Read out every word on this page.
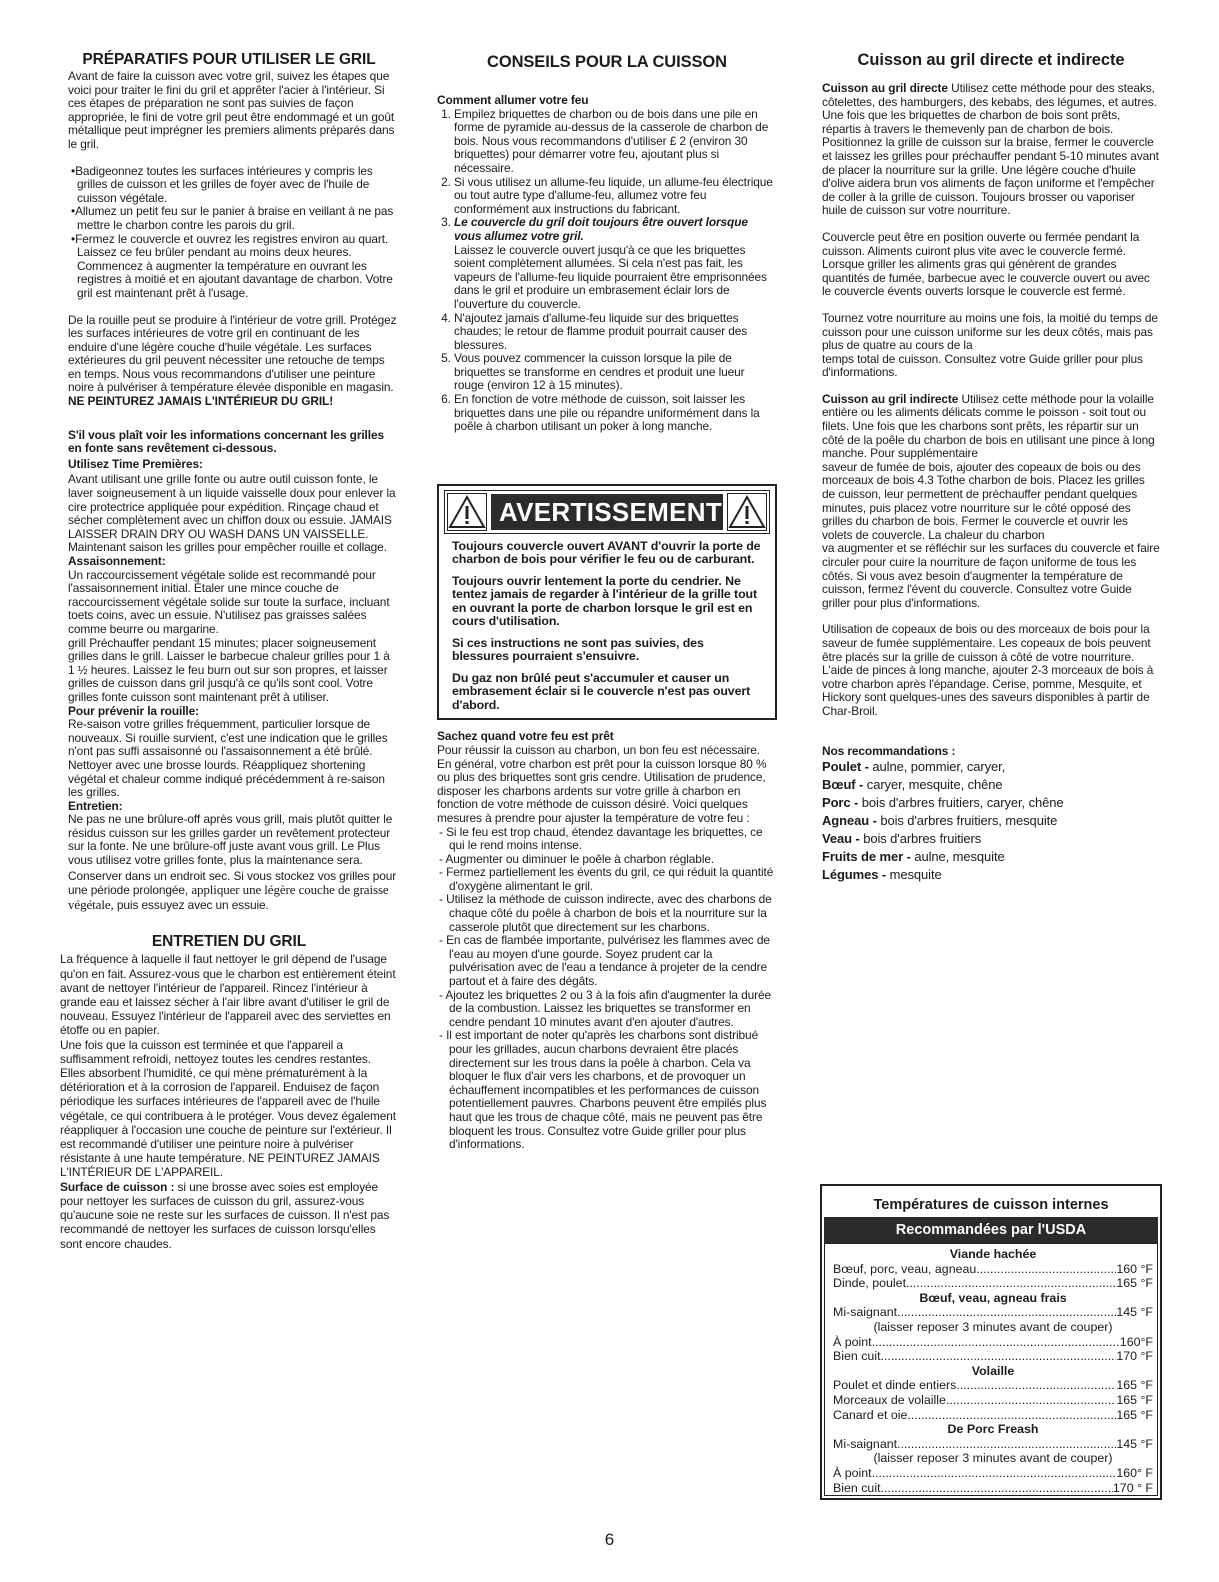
PRÉPARATIFS POUR UTILISER LE GRIL

Avant de faire la cuisson avec votre gril, suivez les étapes que voici pour traiter le fini du gril et apprêter l'acier à l'intérieur. Si ces étapes de préparation ne sont pas suivies de façon appropriée, le fini de votre gril peut être endommagé et un goût métallique peut imprégner les premiers aliments préparés dans le gril.

•Badigeonnez toutes les surfaces intérieures y compris les grilles de cuisson et les grilles de foyer avec de l'huile de cuisson végétale.

•Allumez un petit feu sur le panier à braise en veillant à ne pas mettre le charbon contre les parois du gril.

•Fermez le couvercle et ouvrez les registres environ au quart. Laissez ce feu brûler pendant au moins deux heures. Commencez à augmenter la température en ouvrant les registres à moitié et en ajoutant davantage de charbon. Votre gril est maintenant prêt à l'usage.

De la rouille peut se produire à l'intérieur de votre grill. Protégez les surfaces intérieures de votre gril en continuant de les enduire d'une légère couche d'huile végétale. Les surfaces extérieures du gril peuvent nécessiter une retouche de temps en temps. Nous vous recommandons d'utiliser une peinture noire à pulvériser à température élevée disponible en magasin. NE PEINTUREZ JAMAIS L'INTÉRIEUR DU GRIL!

S'il vous plaît voir les informations concernant les grilles en fonte sans revêtement ci-dessous.

Utilisez Time Premières:

Avant utilisant une grille fonte ou autre outil cuisson fonte, le laver soigneusement à un liquide vaisselle doux pour enlever la cire protectrice appliquée pour expédition. Rinçage chaud et sécher complètement avec un chiffon doux ou essuie. JAMAIS LAISSER DRAIN DRY OU WASH DANS UN VAISSELLE. Maintenant saison les grilles pour empêcher rouille et collage.

Assaisonnement:

Un raccourcissement végétale solide est recommandé pour l'assaisonnement initial. Étaler une mince couche de raccourcissement végétale solide sur toute la surface, incluant toets coins, avec un essuie. N'utilisez pas graisses salées comme beurre ou margarine.

grill Préchauffer pendant 15 minutes; placer soigneusement grilles dans le grill. Laisser le barbecue chaleur grilles pour 1 à 1 ½ heures. Laissez le feu burn out sur son propres, et laisser grilles de cuisson dans gril jusqu'à ce qu'ils sont cool. Votre grilles fonte cuisson sont maintenant prêt à utiliser.

Pour prévenir la rouille:

Re-saison votre grilles fréquemment, particulier lorsque de nouveaux. Si rouille survient, c'est une indication que le grilles n'ont pas suffi assaisonné ou l'assaisonnement a été brûlé. Nettoyer avec une brosse lourds. Réappliquez shortening végétal et chaleur comme indiqué précédemment à re-saison les grilles.

Entretien:

Ne pas ne une brûlure-off après vous grill, mais plutôt quitter le résidus cuisson sur les grilles garder un revêtement protecteur sur la fonte. Ne une brûlure-off juste avant vous grill. Le Plus vous utilisez votre grilles fonte, plus la maintenance sera.

Conserver dans un endroit sec. Si vous stockez vos grilles pour une période prolongée, appliquer une légère couche de graisse végétale, puis essuyez avec un essuie.

ENTRETIEN DU GRIL

La fréquence à laquelle il faut nettoyer le gril dépend de l'usage qu'on en fait. Assurez-vous que le charbon est entièrement éteint avant de nettoyer l'intérieur de l'appareil. Rincez l'intérieur à grande eau et laissez sécher à l'air libre avant d'utiliser le gril de nouveau. Essuyez l'intérieur de l'appareil avec des serviettes en étoffe ou en papier.

Une fois que la cuisson est terminée et que l'appareil a suffisamment refroidi, nettoyez toutes les cendres restantes. Elles absorbent l'humidité, ce qui mène prématurément à la détérioration et à la corrosion de l'appareil. Enduisez de façon périodique les surfaces intérieures de l'appareil avec de l'huile végétale, ce qui contribuera à le protéger. Vous devez également réappliquer à l'occasion une couche de peinture sur l'extérieur. Il est recommandé d'utiliser une peinture noire à pulvériser résistante à une haute température. NE PEINTUREZ JAMAIS L'INTÉRIEUR DE L'APPAREIL.

Surface de cuisson : si une brosse avec soies est employée pour nettoyer les surfaces de cuisson du gril, assurez-vous qu'aucune soie ne reste sur les surfaces de cuisson. Il n'est pas recommandé de nettoyer les surfaces de cuisson lorsqu'elles sont encore chaudes.

CONSEILS POUR LA CUISSON

Comment allumer votre feu

1. Empilez briquettes de charbon ou de bois dans une pile en forme de pyramide au-dessus de la casserole de charbon de bois. Nous vous recommandons d'utiliser £ 2 (environ 30 briquettes) pour démarrer votre feu, ajoutant plus si nécessaire.
2. Si vous utilisez un allume-feu liquide, un allume-feu électrique ou tout autre type d'allume-feu, allumez votre feu conformément aux instructions du fabricant.
3. Le couvercle du gril doit toujours être ouvert lorsque vous allumez votre gril.
Laissez le couvercle ouvert jusqu'à ce que les briquettes soient complètement allumées. Si cela n'est pas fait, les vapeurs de l'allume-feu liquide pourraient être emprisonnées dans le gril et produire un embrasement éclair lors de l'ouverture du couvercle.
4. N'ajoutez jamais d'allume-feu liquide sur des briquettes chaudes; le retour de flamme produit pourrait causer des blessures.
5. Vous pouvez commencer la cuisson lorsque la pile de briquettes se transforme en cendres et produit une lueur rouge (environ 12 à 15 minutes).
6. En fonction de votre méthode de cuisson, soit laisser les briquettes dans une pile ou répandre uniformément dans la poêle à charbon utilisant un poker à long manche.
AVERTISSEMENT

Toujours couvercle ouvert AVANT d'ouvrir la porte de charbon de bois pour vérifier le feu ou de carburant.

Toujours ouvrir lentement la porte du cendrier. Ne tentez jamais de regarder à l'intérieur de la grille tout en ouvrant la porte de charbon lorsque le gril est en cours d'utilisation.

Si ces instructions ne sont pas suivies, des blessures pourraient s'ensuivre.

Du gaz non brûlé peut s'accumuler et causer un embrasement éclair si le couvercle n'est pas ouvert d'abord.

Sachez quand votre feu est prêt

Pour réussir la cuisson au charbon, un bon feu est nécessaire. En général, votre charbon est prêt pour la cuisson lorsque 80 % ou plus des briquettes sont gris cendre. Utilisation de prudence, disposer les charbons ardents sur votre grille à charbon en fonction de votre méthode de cuisson désiré. Voici quelques mesures à prendre pour ajuster la température de votre feu :

- Si le feu est trop chaud, étendez davantage les briquettes, ce qui le rend moins intense.
- Augmenter ou diminuer le poêle à charbon réglable.
- Fermez partiellement les évents du gril, ce qui réduit la quantité d'oxygène alimentant le gril.
- Utilisez la méthode de cuisson indirecte, avec des charbons de chaque côté du poêle à charbon de bois et la nourriture sur la casserole plutôt que directement sur les charbons.
- En cas de flambée importante, pulvérisez les flammes avec de l'eau au moyen d'une gourde. Soyez prudent car la pulvérisation avec de l'eau a tendance à projeter de la cendre partout et à faire des dégâts.
- Ajoutez les briquettes 2 ou 3 à la fois afin d'augmenter la durée de la combustion. Laissez les briquettes se transformer en cendre pendant 10 minutes avant d'en ajouter d'autres.
- Il est important de noter qu'après les charbons sont distribué pour les grillades, aucun charbons devraient être placés directement sur les trous dans la poêle à charbon. Cela va bloquer le flux d'air vers les charbons, et de provoquer un échauffement incompatibles et les performances de cuisson potentiellement pauvres. Charbons peuvent être empilés plus haut que les trous de chaque côté, mais ne peuvent pas être bloquent les trous. Consultez votre Guide griller pour plus d'informations.

Cuisson au gril directe et indirecte

Cuisson au gril directe Utilisez cette méthode pour des steaks, côtelettes, des hamburgers, des kebabs, des légumes, et autres. Une fois que les briquettes de charbon de bois sont prêts, répartis à travers le themevenly pan de charbon de bois. Positionnez la grille de cuisson sur la braise, fermer le couvercle et laissez les grilles pour préchauffer pendant 5-10 minutes avant de placer la nourriture sur la grille. Une légère couche d'huile d'olive aidera brun vos aliments de façon uniforme et l'empêcher de coller à la grille de cuisson. Toujours brosser ou vaporiser huile de cuisson sur votre nourriture.

Couvercle peut être en position ouverte ou fermée pendant la cuisson. Aliments cuiront plus vite avec le couvercle fermé. Lorsque griller les aliments gras qui génèrent de grandes quantités de fumée, barbecue avec le couvercle ouvert ou avec le couvercle évents ouverts lorsque le couvercle est fermé.

Tournez votre nourriture au moins une fois, la moitié du temps de cuisson pour une cuisson uniforme sur les deux côtés, mais pas plus de quatre au cours de la

temps total de cuisson. Consultez votre Guide griller pour plus d'informations.

Cuisson au gril indirecte Utilisez cette méthode pour la volaille entière ou les aliments délicats comme le poisson - soit tout ou filets. Une fois que les charbons sont prêts, les répartir sur un côté de la poêle du charbon de bois en utilisant une pince à long manche. Pour supplémentaire

saveur de fumée de bois, ajouter des copeaux de bois ou des morceaux de bois 4.3 Tothe charbon de bois. Placez les grilles de cuisson, leur permettent de préchauffer pendant quelques minutes, puis placez votre nourriture sur le côté opposé des grilles du charbon de bois. Fermer le couvercle et ouvrir les volets de couvercle. La chaleur du charbon

va augmenter et se réfléchir sur les surfaces du couvercle et faire circuler pour cuire la nourriture de façon uniforme de tous les côtés. Si vous avez besoin d'augmenter la température de cuisson, fermez l'évent du couvercle. Consultez votre Guide griller pour plus d'informations.

Utilisation de copeaux de bois ou des morceaux de bois pour la saveur de fumée supplémentaire. Les copeaux de bois peuvent être placés sur la grille de cuisson à côté de votre nourriture. L'aide de pinces à long manche, ajouter 2-3 morceaux de bois à votre charbon après l'épandage. Cerise, pomme, Mesquite, et Hickory sont quelques-unes des saveurs disponibles à partir de Char-Broil.

Nos recommandations :

Poulet - aulne, pommier, caryer,
Bœuf - caryer, mesquite, chêne
Porc - bois d'arbres fruitiers, caryer, chêne
Agneau - bois d'arbres fruitiers, mesquite
Veau - bois d'arbres fruitiers
Fruits de mer - aulne, mesquite
Légumes - mesquite
Températures de cuisson internes
Recommandées par l'USDA
Viande hachée
Bœuf, porc, veau, agneau .....	160 °F
Dinde, poulet .....	165 °F
Bœuf, veau, agneau frais
Mi-saignant .....	145 °F
(laisser reposer 3 minutes avant de couper)
À point .....	160°F
Bien cuit .....	170 °F
Volaille
Poulet et dinde entiers .....	165 °F
Morceaux de volaille .....	165 °F
Canard et oie .....	165 °F
De Porc Freash
Mi-saignant .....	145 °F
(laisser reposer 3 minutes avant de couper)
À point .....	160° F
Bien cuit .....	170 ° F
6
